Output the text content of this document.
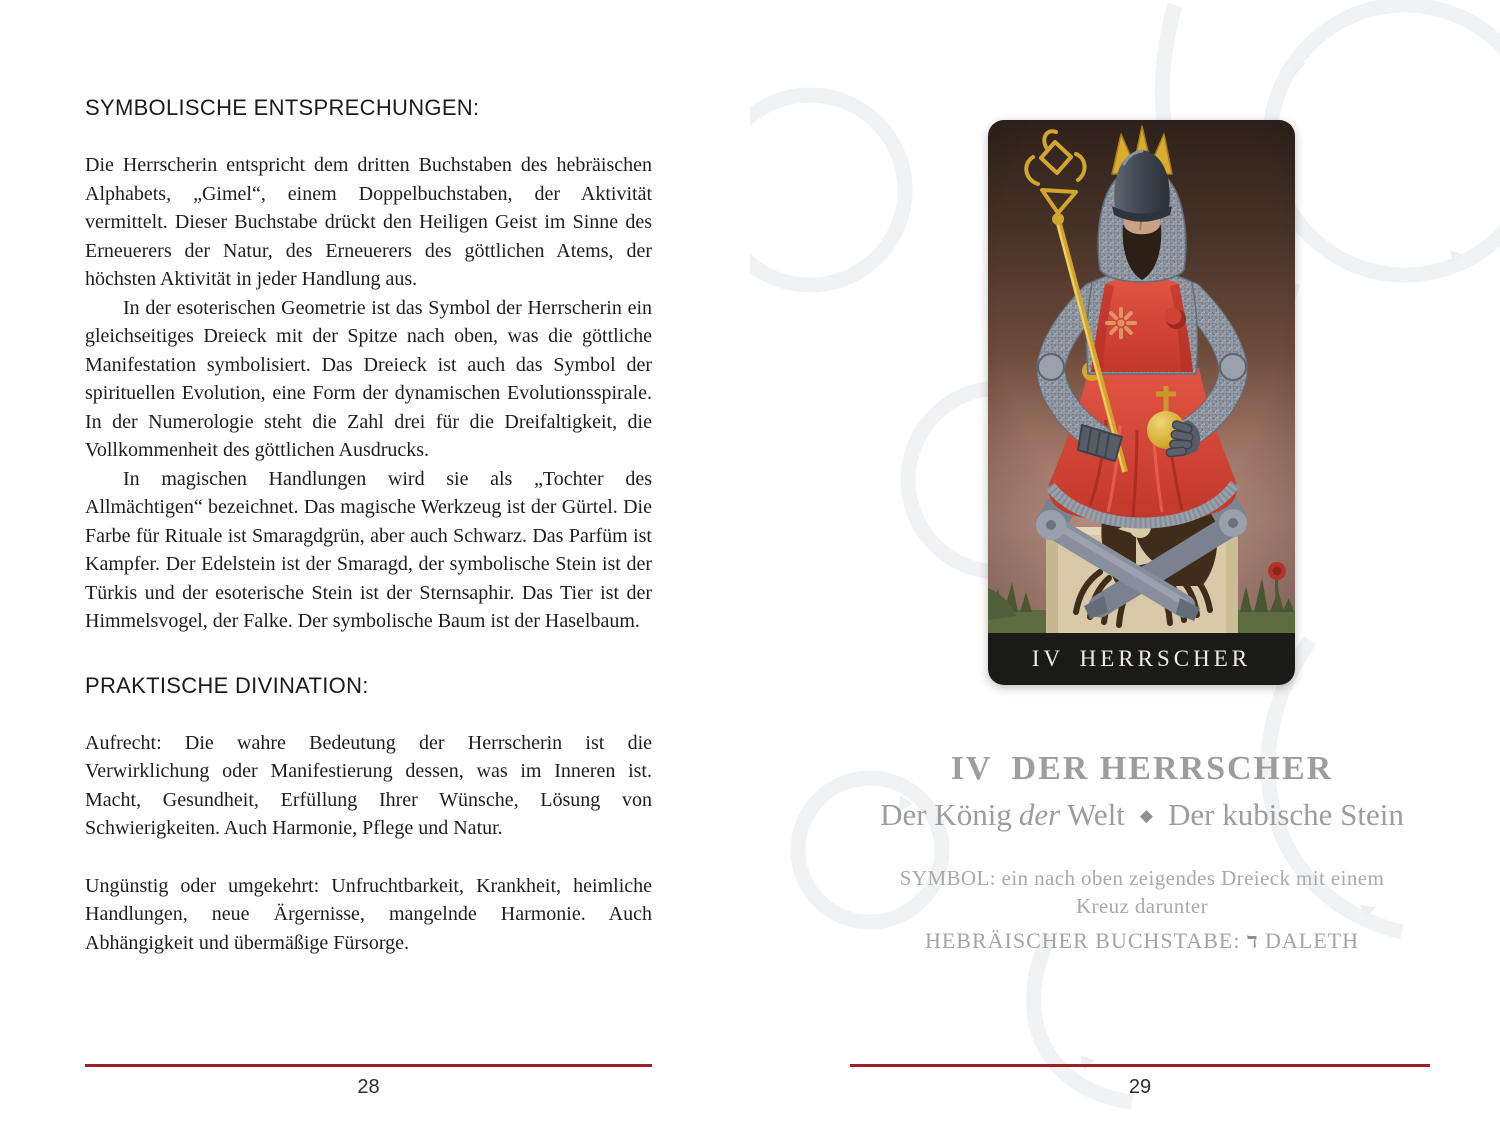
SYMBOLISCHE ENTSPRECHUNGEN:

Die Herrscherin entspricht dem dritten Buchstaben des hebräischen Alphabets, „Gimel“, einem Doppelbuchstaben, der Aktivität vermittelt. Dieser Buchstabe drückt den Heiligen Geist im Sinne des Erneuerers der Natur, des Erneuerers des göttlichen Atems, der höchsten Aktivität in jeder Handlung aus.

In der esoterischen Geometrie ist das Symbol der Herrscherin ein gleichseitiges Dreieck mit der Spitze nach oben, was die göttliche Manifestation symbolisiert. Das Dreieck ist auch das Symbol der spirituellen Evolution, eine Form der dynamischen Evolutionsspirale. In der Numerologie steht die Zahl drei für die Dreifaltigkeit, die Vollkommenheit des göttlichen Ausdrucks.

In magischen Handlungen wird sie als „Tochter des Allmächtigen“ bezeichnet. Das magische Werkzeug ist der Gürtel. Die Farbe für Rituale ist Smaragdgrün, aber auch Schwarz. Das Parfüm ist Kampfer. Der Edelstein ist der Smaragd, der symbolische Stein ist der Türkis und der esoterische Stein ist der Sternsaphir. Das Tier ist der Himmelsvogel, der Falke. Der symbolische Baum ist der Haselbaum.

PRAKTISCHE DIVINATION:

Aufrecht: Die wahre Bedeutung der Herrscherin ist die Verwirklichung oder Manifestierung dessen, was im Inneren ist. Macht, Gesundheit, Erfüllung Ihrer Wünsche, Lösung von Schwierigkeiten. Auch Harmonie, Pflege und Natur.

Ungünstig oder umgekehrt: Unfruchtbarkeit, Krankheit, heimliche Handlungen, neue Ärgernisse, mangelnde Harmonie. Auch Abhängigkeit und übermäßige Fürsorge.

28
IV HERRSCHER
IV DER HERRSCHER
Der König der Welt ◆ Der kubische Stein
SYMBOL: ein nach oben zeigendes Dreieck mit einem
Kreuz darunter
HEBRÄISCHER BUCHSTABE: ד DALETH
29
